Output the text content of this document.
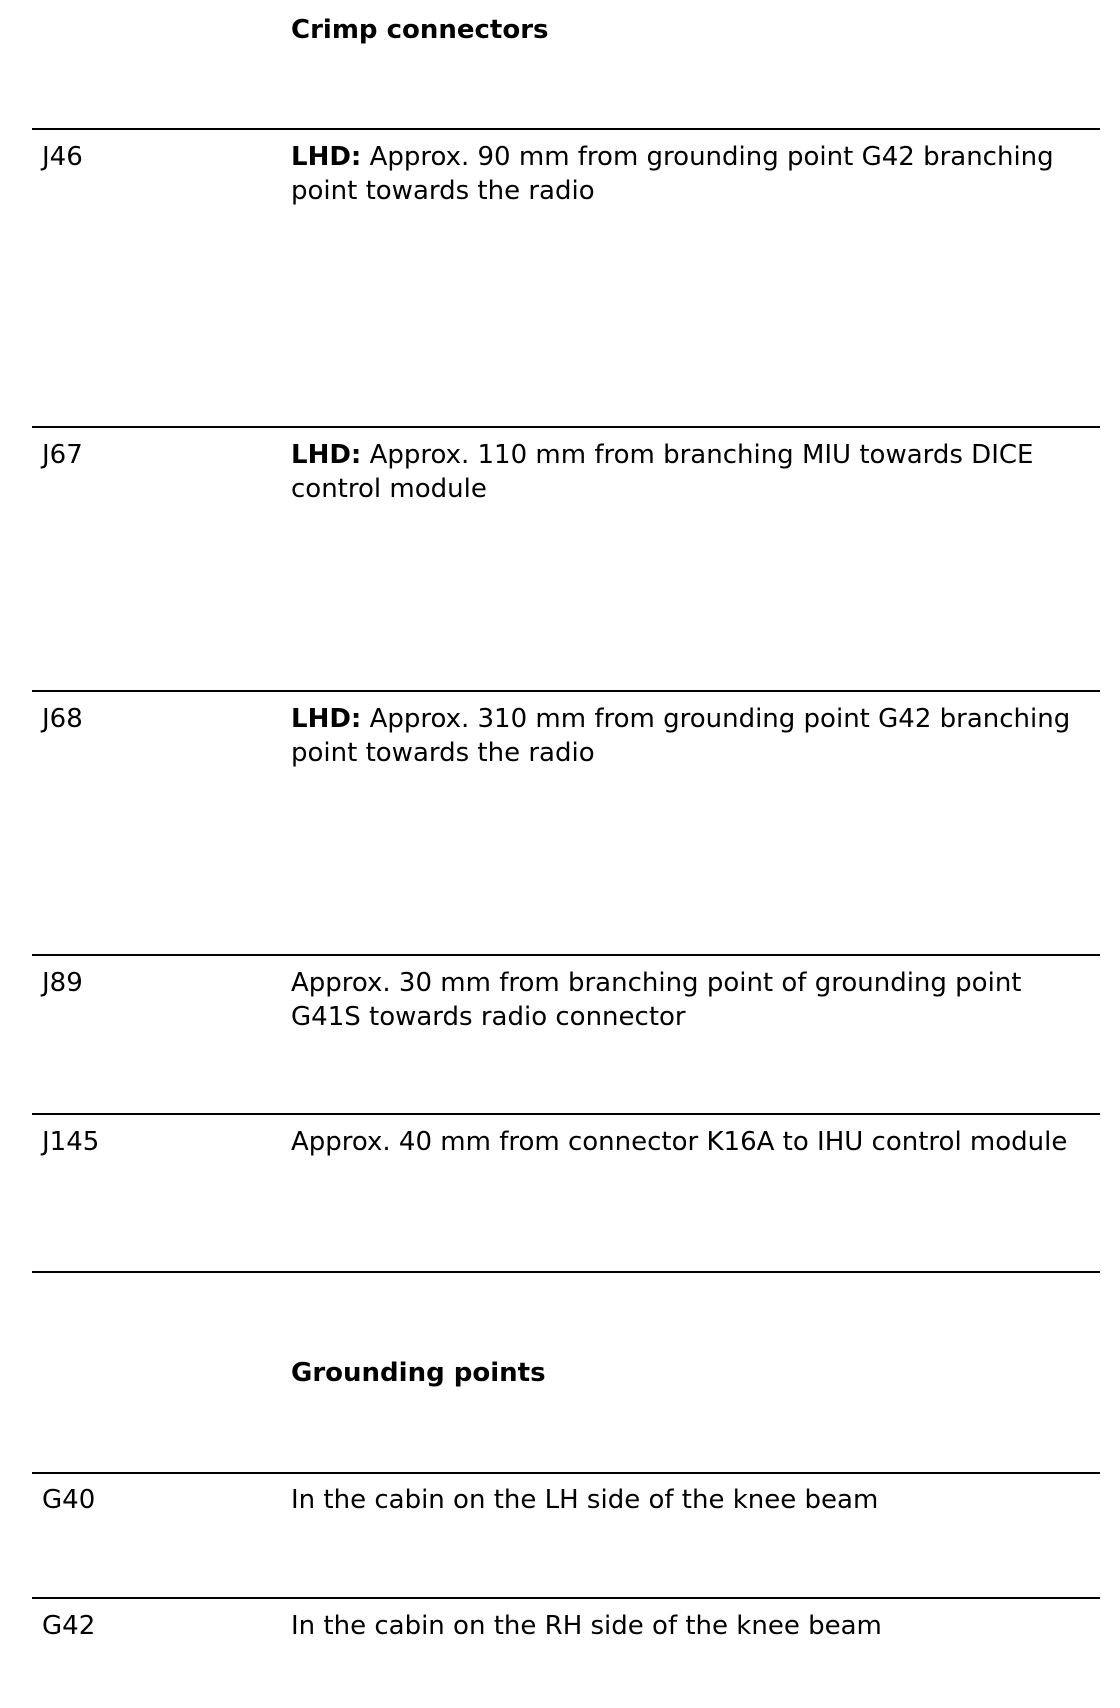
Crimp connectors
J46	LHD: Approx. 90 mm from grounding point G42 branching point towards the radio
J67	LHD: Approx. 110 mm from branching MIU towards DICE control module
J68	LHD: Approx. 310 mm from grounding point G42 branching point towards the radio
J89	Approx. 30 mm from branching point of grounding point G41S towards radio connector
J145	Approx. 40 mm from connector K16A to IHU control module
Grounding points
G40	In the cabin on the LH side of the knee beam
G42	In the cabin on the RH side of the knee beam
